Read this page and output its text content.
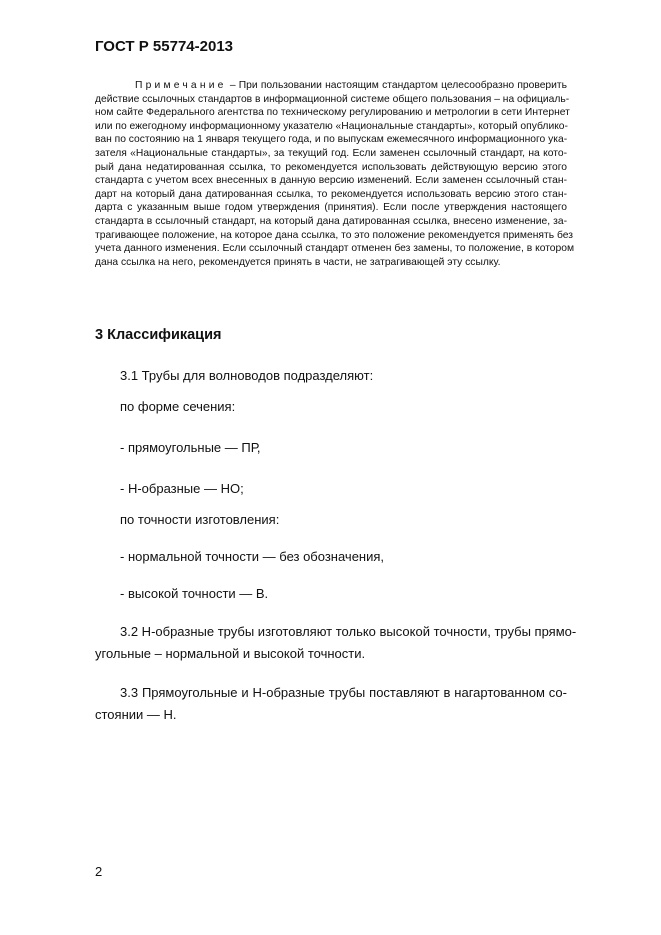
ГОСТ Р 55774-2013
Примечание – При пользовании настоящим стандартом целесообразно проверить
действие ссылочных стандартов в информационной системе общего пользования – на официаль-
ном сайте Федерального агентства по техническому регулированию и метрологии в сети Интернет
или по ежегодному информационному указателю «Национальные стандарты», который опублико-
ван по состоянию на 1 января текущего года, и по выпускам ежемесячного информационного ука-
зателя «Национальные стандарты», за текущий год. Если заменен ссылочный стандарт, на кото-
рый дана недатированная ссылка, то рекомендуется использовать действующую версию этого
стандарта с учетом всех внесенных в данную версию изменений. Если заменен ссылочный стан-
дарт на который дана датированная ссылка, то рекомендуется использовать версию этого стан-
дарта с указанным выше годом утверждения (принятия). Если после утверждения настоящего
стандарта в ссылочный стандарт, на который дана датированная ссылка, внесено изменение, за-
трагивающее положение, на которое дана ссылка, то это положение рекомендуется применять без
учета данного изменения. Если ссылочный стандарт отменен без замены, то положение, в котором
дана ссылка на него, рекомендуется принять в части, не затрагивающей эту ссылку.
3 Классификация
3.1 Трубы для волноводов подразделяют:
по форме сечения:
- прямоугольные — ПР,
- Н-образные — НО;
по точности изготовления:
- нормальной точности — без обозначения,
- высокой точности — В.
3.2 Н-образные трубы изготовляют только высокой точности, трубы прямо-
угольные – нормальной и высокой точности.
3.3 Прямоугольные и Н-образные трубы поставляют в нагартованном со-
стоянии — Н.
2
